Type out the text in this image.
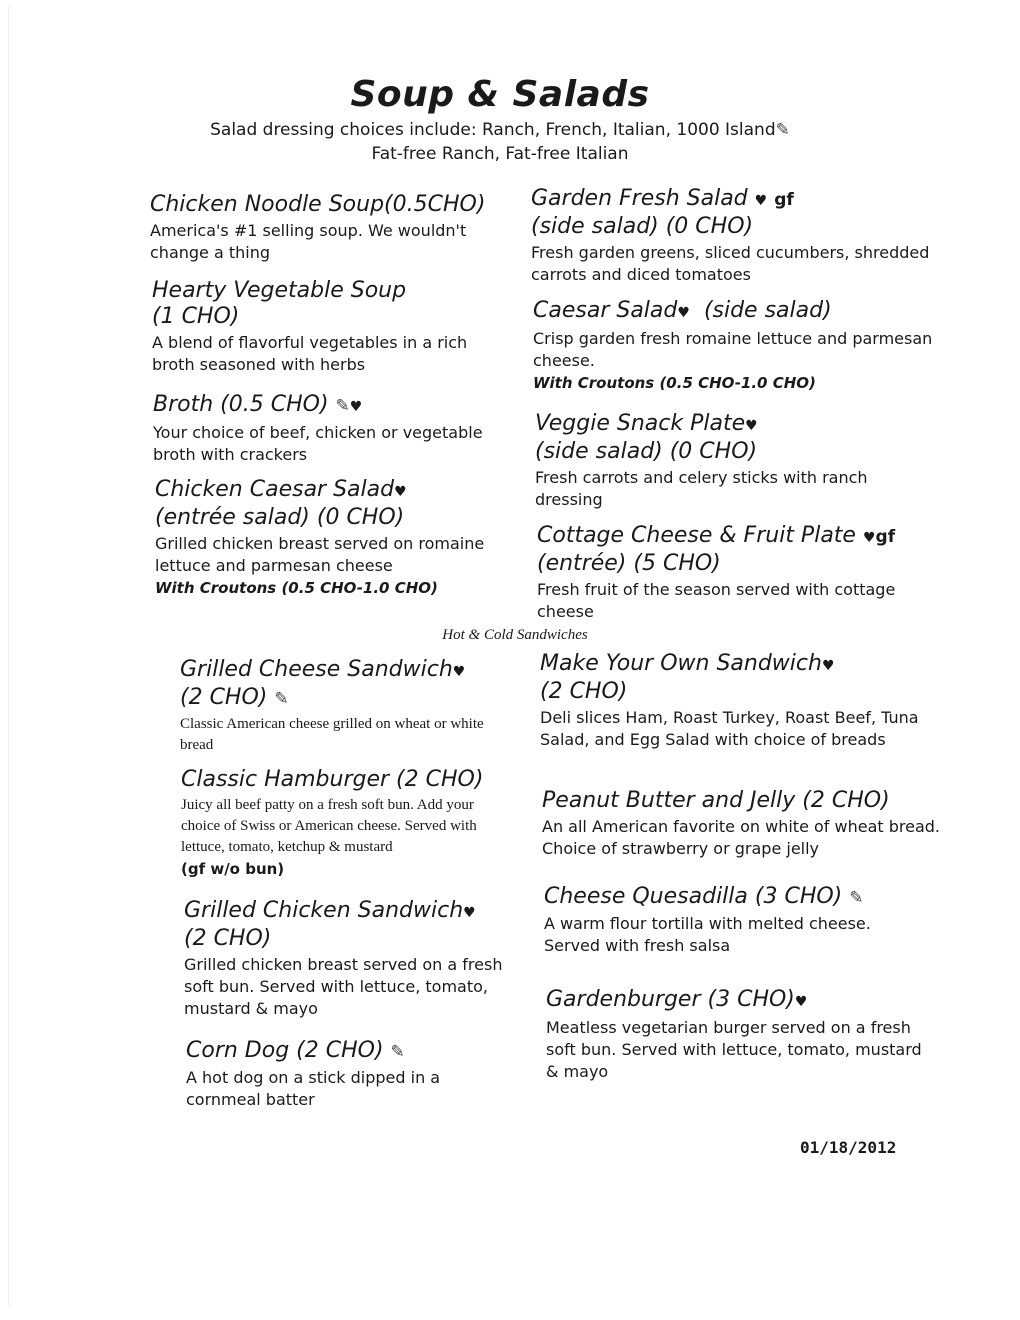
Soup & Salads
Salad dressing choices include: Ranch, French, Italian, 1000 Island✎
Fat-free Ranch, Fat-free Italian
Chicken Noodle Soup(0.5CHO)
America's #1 selling soup. We wouldn't change a thing
Hearty Vegetable Soup
(1 CHO)
A blend of flavorful vegetables in a rich broth seasoned with herbs
Broth (0.5 CHO) ✎♥
Your choice of beef, chicken or vegetable broth with crackers
Chicken Caesar Salad♥
(entrée salad) (0 CHO)
Grilled chicken breast served on romaine lettuce and parmesan cheese
With Croutons (0.5 CHO-1.0 CHO)
Garden Fresh Salad ♥ gf
(side salad) (0 CHO)
Fresh garden greens, sliced cucumbers, shredded carrots and diced tomatoes
Caesar Salad♥ (side salad)
Crisp garden fresh romaine lettuce and parmesan cheese.
With Croutons (0.5 CHO-1.0 CHO)
Veggie Snack Plate♥
(side salad) (0 CHO)
Fresh carrots and celery sticks with ranch dressing
Cottage Cheese & Fruit Plate ♥gf
(entrée) (5 CHO)
Fresh fruit of the season served with cottage cheese
Hot & Cold Sandwiches
Grilled Cheese Sandwich♥
(2 CHO) ✎
Classic American cheese grilled on wheat or white bread
Classic Hamburger (2 CHO)
Juicy all beef patty on a fresh soft bun. Add your choice of Swiss or American cheese. Served with lettuce, tomato, ketchup & mustard
(gf w/o bun)
Grilled Chicken Sandwich♥
(2 CHO)
Grilled chicken breast served on a fresh soft bun. Served with lettuce, tomato, mustard & mayo
Corn Dog (2 CHO) ✎
A hot dog on a stick dipped in a cornmeal batter
Make Your Own Sandwich♥
(2 CHO)
Deli slices Ham, Roast Turkey, Roast Beef, Tuna Salad, and Egg Salad with choice of breads
Peanut Butter and Jelly (2 CHO)
An all American favorite on white of wheat bread. Choice of strawberry or grape jelly
Cheese Quesadilla (3 CHO) ✎
A warm flour tortilla with melted cheese. Served with fresh salsa
Gardenburger (3 CHO)♥
Meatless vegetarian burger served on a fresh soft bun. Served with lettuce, tomato, mustard & mayo
01/18/2012
